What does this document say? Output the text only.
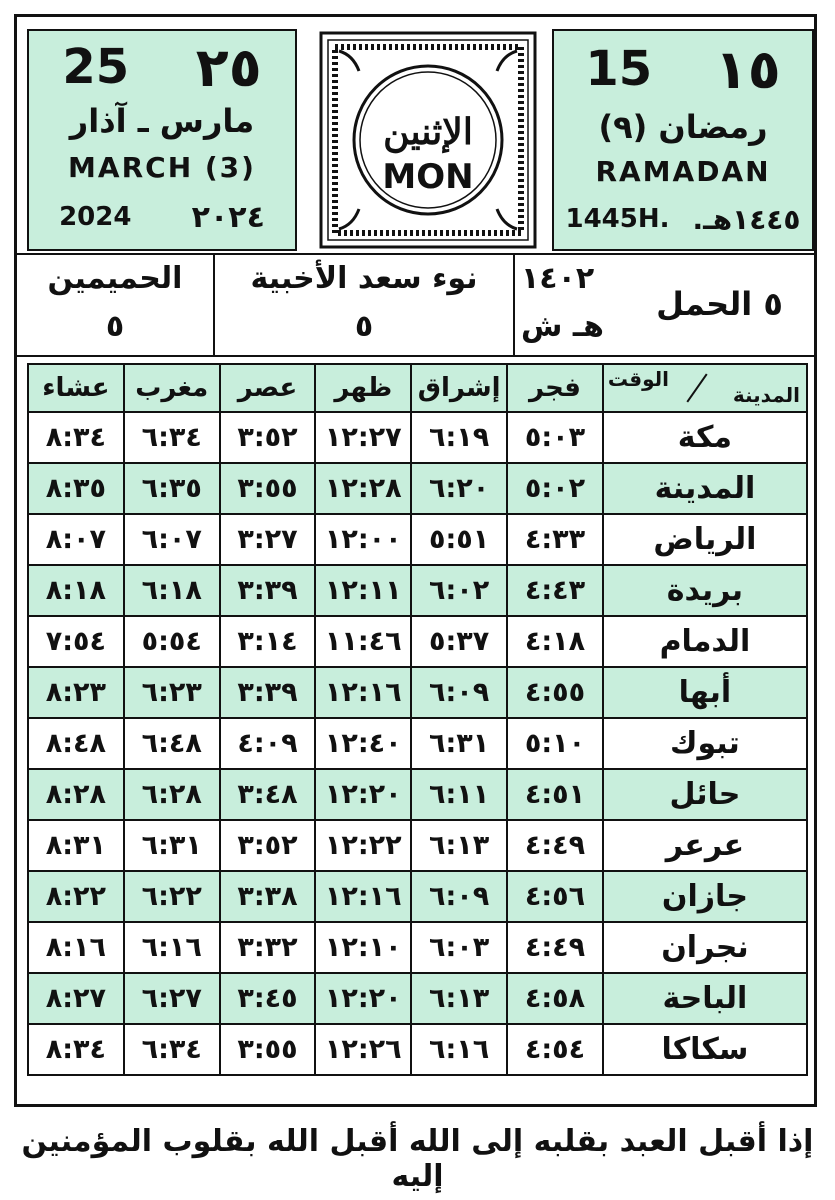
25 ٢٥
مارس ـ آذار
MARCH (3)
2024 ٢٠٢٤
الإثنين
MON
15 ١٥
رمضان (٩)
RAMADAN
1445H. ١٤٤٥هـ.
الحميمين
٥
نوء سعد الأخبية
٥
١٤٠٢
هـ ش
٥ الحمل
المدينة
الوقت	فجر	إشراق	ظهر	عصر	مغرب	عشاء
مكة	٥:٠٣	٦:١٩	١٢:٢٧	٣:٥٢	٦:٣٤	٨:٣٤
المدينة	٥:٠٢	٦:٢٠	١٢:٢٨	٣:٥٥	٦:٣٥	٨:٣٥
الرياض	٤:٣٣	٥:٥١	١٢:٠٠	٣:٢٧	٦:٠٧	٨:٠٧
بريدة	٤:٤٣	٦:٠٢	١٢:١١	٣:٣٩	٦:١٨	٨:١٨
الدمام	٤:١٨	٥:٣٧	١١:٤٦	٣:١٤	٥:٥٤	٧:٥٤
أبها	٤:٥٥	٦:٠٩	١٢:١٦	٣:٣٩	٦:٢٣	٨:٢٣
تبوك	٥:١٠	٦:٣١	١٢:٤٠	٤:٠٩	٦:٤٨	٨:٤٨
حائل	٤:٥١	٦:١١	١٢:٢٠	٣:٤٨	٦:٢٨	٨:٢٨
عرعر	٤:٤٩	٦:١٣	١٢:٢٢	٣:٥٢	٦:٣١	٨:٣١
جازان	٤:٥٦	٦:٠٩	١٢:١٦	٣:٣٨	٦:٢٢	٨:٢٢
نجران	٤:٤٩	٦:٠٣	١٢:١٠	٣:٣٢	٦:١٦	٨:١٦
الباحة	٤:٥٨	٦:١٣	١٢:٢٠	٣:٤٥	٦:٢٧	٨:٢٧
سكاكا	٤:٥٤	٦:١٦	١٢:٢٦	٣:٥٥	٦:٣٤	٨:٣٤
إذا أقبل العبد بقلبه إلى الله أقبل الله بقلوب المؤمنين إليه
